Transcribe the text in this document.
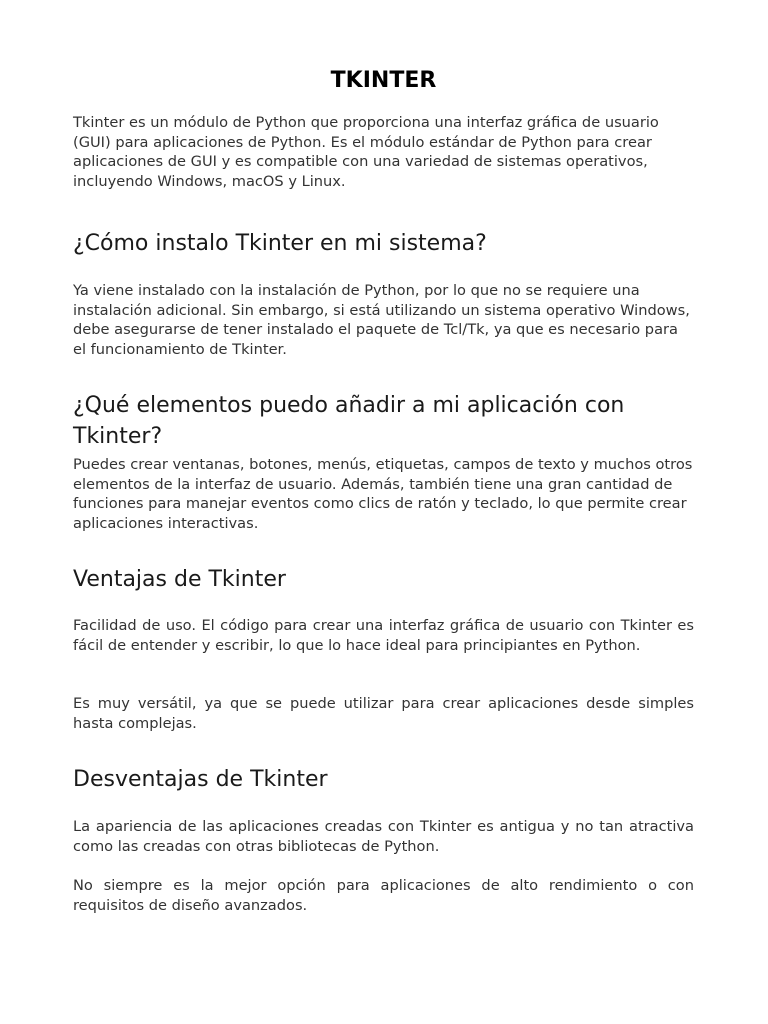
TKINTER

Tkinter es un módulo de Python que proporciona una interfaz gráfica de usuario (GUI) para aplicaciones de Python. Es el módulo estándar de Python para crear aplicaciones de GUI y es compatible con una variedad de sistemas operativos, incluyendo Windows, macOS y Linux.

¿Cómo instalo Tkinter en mi sistema?

Ya viene instalado con la instalación de Python, por lo que no se requiere una instalación adicional. Sin embargo, si está utilizando un sistema operativo Windows, debe asegurarse de tener instalado el paquete de Tcl/Tk, ya que es necesario para el funcionamiento de Tkinter.

¿Qué elementos puedo añadir a mi aplicación con Tkinter?

Puedes crear ventanas, botones, menús, etiquetas, campos de texto y muchos otros elementos de la interfaz de usuario. Además, también tiene una gran cantidad de funciones para manejar eventos como clics de ratón y teclado, lo que permite crear aplicaciones interactivas.

Ventajas de Tkinter

Facilidad de uso. El código para crear una interfaz gráfica de usuario con Tkinter es fácil de entender y escribir, lo que lo hace ideal para principiantes en Python.

Es muy versátil, ya que se puede utilizar para crear aplicaciones desde simples hasta complejas.

Desventajas de Tkinter

La apariencia de las aplicaciones creadas con Tkinter es antigua y no tan atractiva como las creadas con otras bibliotecas de Python.

No siempre es la mejor opción para aplicaciones de alto rendimiento o con requisitos de diseño avanzados.
